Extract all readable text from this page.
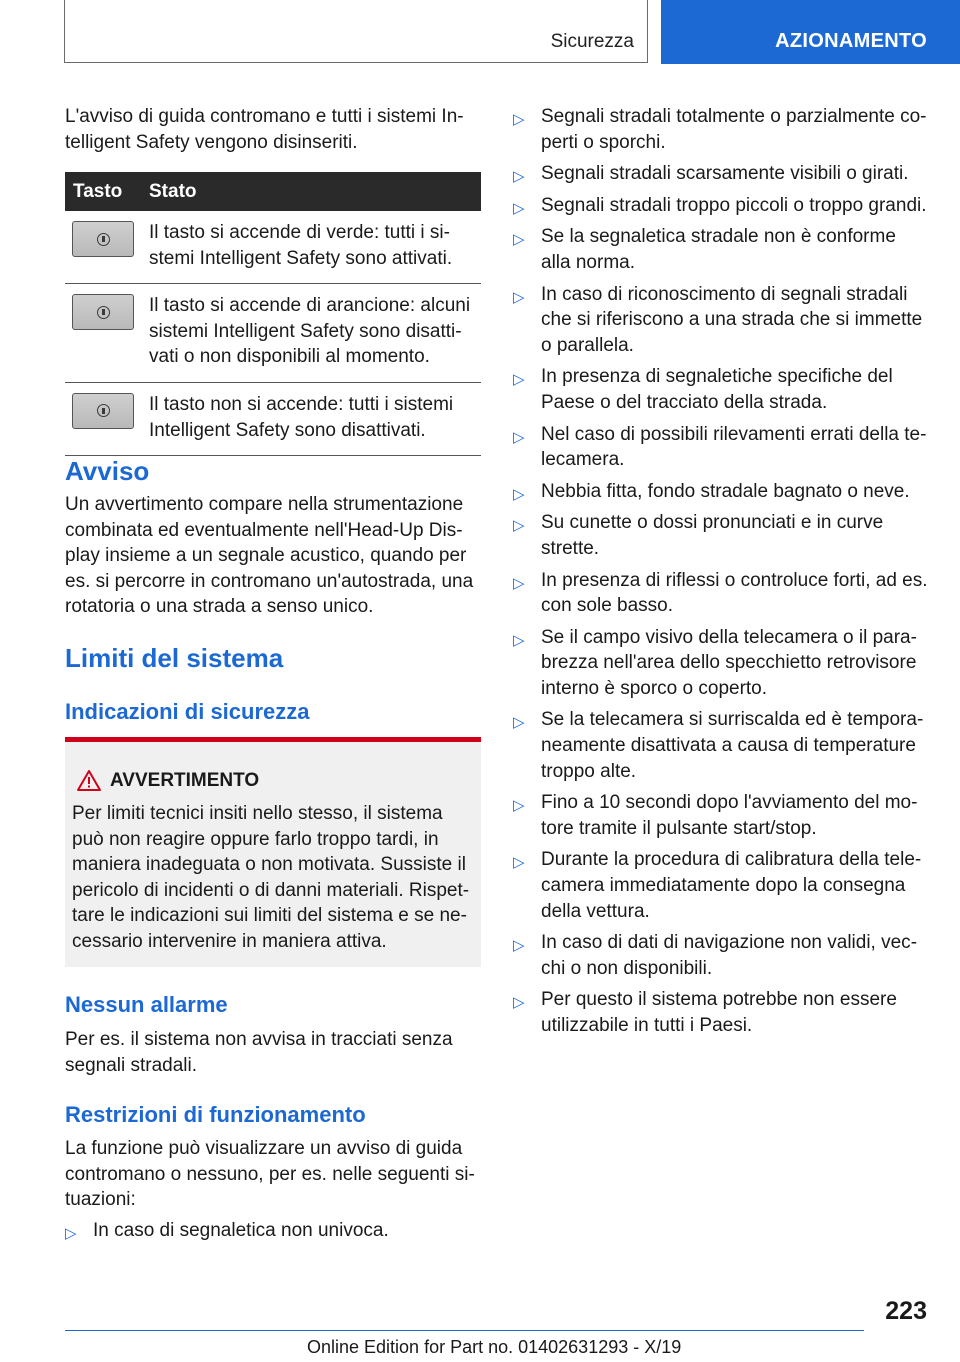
Sicurezza	AZIONAMENTO

L'avviso di guida contromano e tutti i sistemi Intelligent Safety vengono disinseriti.

Tasto	Stato

	Il tasto si accende di verde: tutti i sistemi Intelligent Safety sono attivati.

	Il tasto si accende di arancione: alcuni sistemi Intelligent Safety sono disattivati o non disponibili al momento.

	Il tasto non si accende: tutti i sistemi Intelligent Safety sono disattivati.
Avviso

Un avvertimento compare nella strumentazione combinata ed eventualmente nell'Head-Up Display insieme a un segnale acustico, quando per es. si percorre in contromano un'autostrada, una rotatoria o una strada a senso unico.

Limiti del sistema
Indicazioni di sicurezza
AVVERTIMENTO
Per limiti tecnici insiti nello stesso, il sistema può non reagire oppure farlo troppo tardi, in maniera inadeguata o non motivata. Sussiste il pericolo di incidenti o di danni materiali. Rispettare le indicazioni sui limiti del sistema e se necessario intervenire in maniera attiva.
Nessun allarme

Per es. il sistema non avvisa in tracciati senza segnali stradali.

Restrizioni di funzionamento

La funzione può visualizzare un avviso di guida contromano o nessuno, per es. nelle seguenti situazioni:

▷ In caso di segnaletica non univoca.
▷ Segnali stradali totalmente o parzialmente coperti o sporchi.
▷ Segnali stradali scarsamente visibili o girati.
▷ Segnali stradali troppo piccoli o troppo grandi.
▷ Se la segnaletica stradale non è conforme alla norma.
▷ In caso di riconoscimento di segnali stradali che si riferiscono a una strada che si immette o parallela.
▷ In presenza di segnaletiche specifiche del Paese o del tracciato della strada.
▷ Nel caso di possibili rilevamenti errati della telecamera.
▷ Nebbia fitta, fondo stradale bagnato o neve.
▷ Su cunette o dossi pronunciati e in curve strette.
▷ In presenza di riflessi o controluce forti, ad es. con sole basso.
▷ Se il campo visivo della telecamera o il parabrezza nell'area dello specchietto retrovisore interno è sporco o coperto.
▷ Se la telecamera si surriscalda ed è temporaneamente disattivata a causa di temperature troppo alte.
▷ Fino a 10 secondi dopo l'avviamento del motore tramite il pulsante start/stop.
▷ Durante la procedura di calibratura della telecamera immediatamente dopo la consegna della vettura.
▷ In caso di dati di navigazione non validi, vecchi o non disponibili.
▷ Per questo il sistema potrebbe non essere utilizzabile in tutti i Paesi.
223
Online Edition for Part no. 01402631293 - X/19
